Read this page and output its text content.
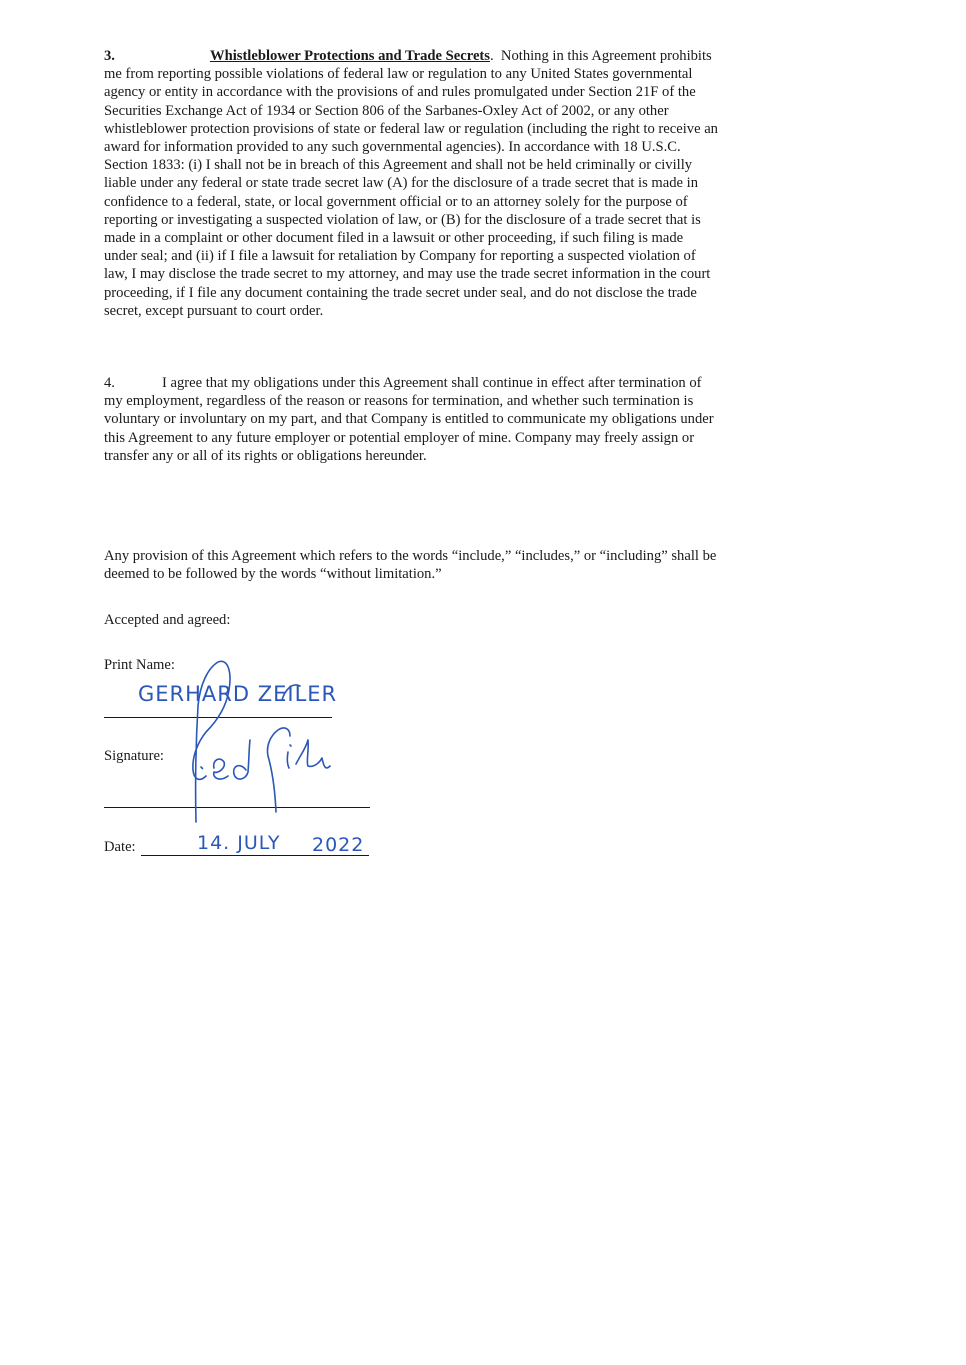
3.	Whistleblower Protections and Trade Secrets. Nothing in this Agreement prohibits me from reporting possible violations of federal law or regulation to any United States governmental agency or entity in accordance with the provisions of and rules promulgated under Section 21F of the Securities Exchange Act of 1934 or Section 806 of the Sarbanes-Oxley Act of 2002, or any other whistleblower protection provisions of state or federal law or regulation (including the right to receive an award for information provided to any such governmental agencies). In accordance with 18 U.S.C. Section 1833: (i) I shall not be in breach of this Agreement and shall not be held criminally or civilly liable under any federal or state trade secret law (A) for the disclosure of a trade secret that is made in confidence to a federal, state, or local government official or to an attorney solely for the purpose of reporting or investigating a suspected violation of law, or (B) for the disclosure of a trade secret that is made in a complaint or other document filed in a lawsuit or other proceeding, if such filing is made under seal; and (ii) if I file a lawsuit for retaliation by Company for reporting a suspected violation of law, I may disclose the trade secret to my attorney, and may use the trade secret information in the court proceeding, if I file any document containing the trade secret under seal, and do not disclose the trade secret, except pursuant to court order.

4.	I agree that my obligations under this Agreement shall continue in effect after termination of my employment, regardless of the reason or reasons for termination, and whether such termination is voluntary or involuntary on my part, and that Company is entitled to communicate my obligations under this Agreement to any future employer or potential employer of mine. Company may freely assign or transfer any or all of its rights or obligations hereunder.

Any provision of this Agreement which refers to the words “include,” “includes,” or “including” shall be deemed to be followed by the words “without limitation.”

Accepted and agreed:
Print Name:
GERHARD ZEILER
Signature:
Date:	14. JULY 2022
